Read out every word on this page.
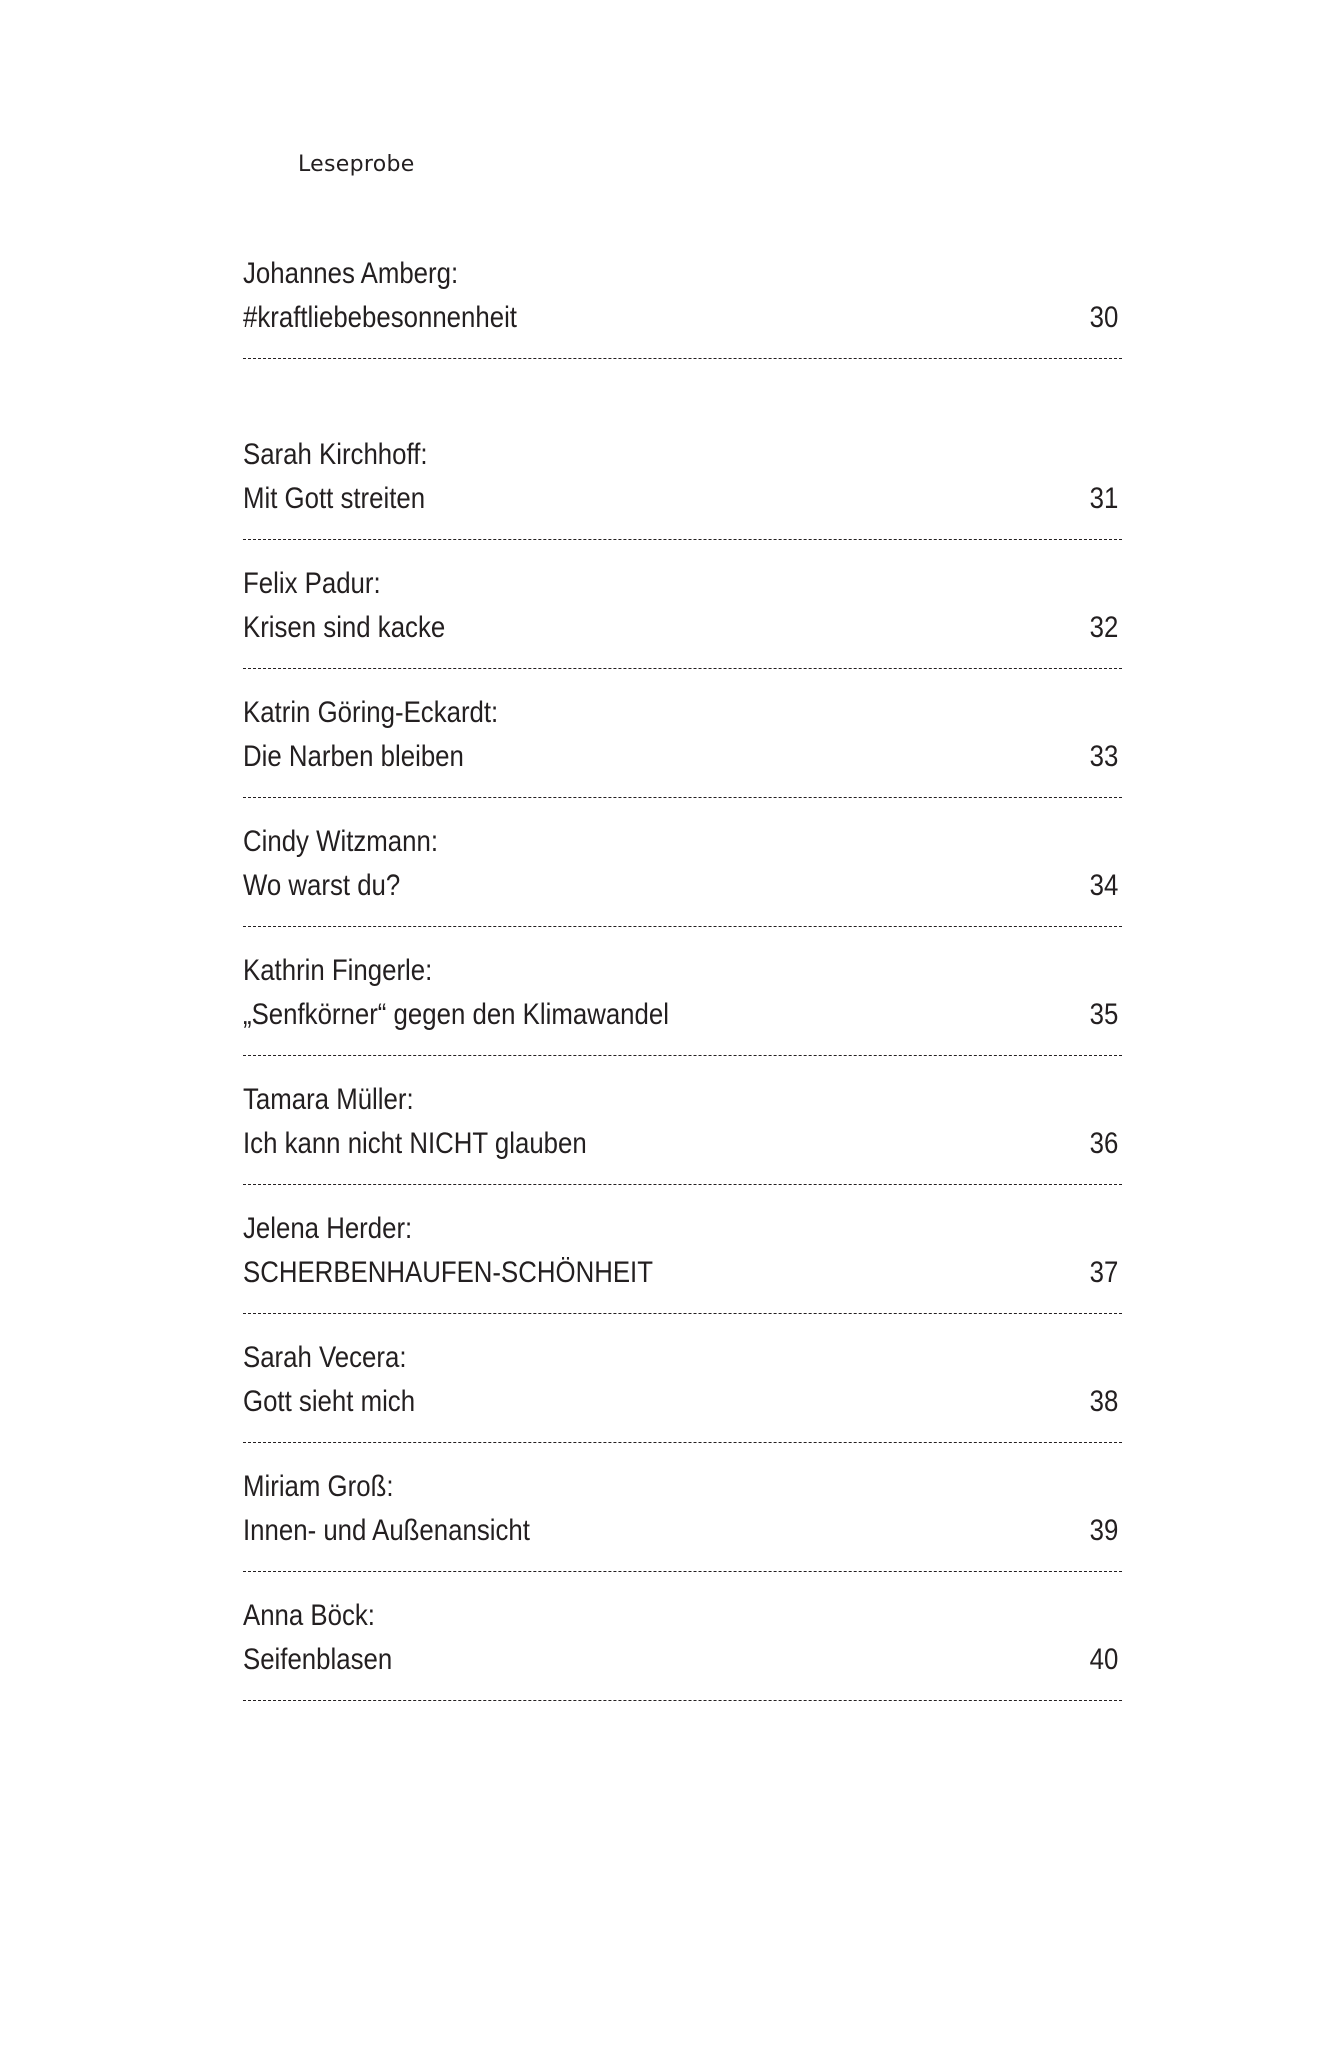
Leseprobe
Johannes Amberg:
#kraftliebebesonnenheit	30
Sarah Kirchhoff:
Mit Gott streiten	31
Felix Padur:
Krisen sind kacke	32
Katrin Göring-Eckardt:
Die Narben bleiben	33
Cindy Witzmann:
Wo warst du?	34
Kathrin Fingerle:
„Senfkörner“ gegen den Klimawandel	35
Tamara Müller:
Ich kann nicht NICHT glauben	36
Jelena Herder:
SCHERBENHAUFEN-SCHÖNHEIT	37
Sarah Vecera:
Gott sieht mich	38
Miriam Groß:
Innen- und Außenansicht	39
Anna Böck:
Seifenblasen	40
